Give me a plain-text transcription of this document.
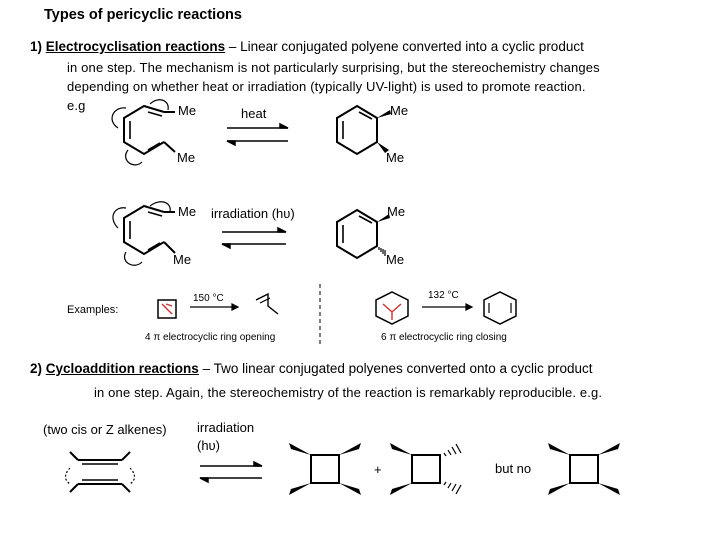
Types of pericyclic reactions
1) Electrocyclisation reactions – Linear conjugated polyene converted into a cyclic product
in one step. The mechanism is not particularly surprising, but the stereochemistry changes
depending on whether heat or irradiation (typically UV-light) is used to promote reaction.
e.g	Me
Me
heat	Me
Me
Me
Me
irradiation (hυ)	Me
Me
Examples:
150 °C
4 π electrocyclic ring opening
132 °C
6 π electrocyclic ring closing
2) Cycloaddition reactions – Two linear conjugated polyenes converted onto a cyclic product
in one step. Again, the stereochemistry of the reaction is remarkably reproducible. e.g.
(two cis or Z alkenes) irradiation
(hυ)
+	but no
